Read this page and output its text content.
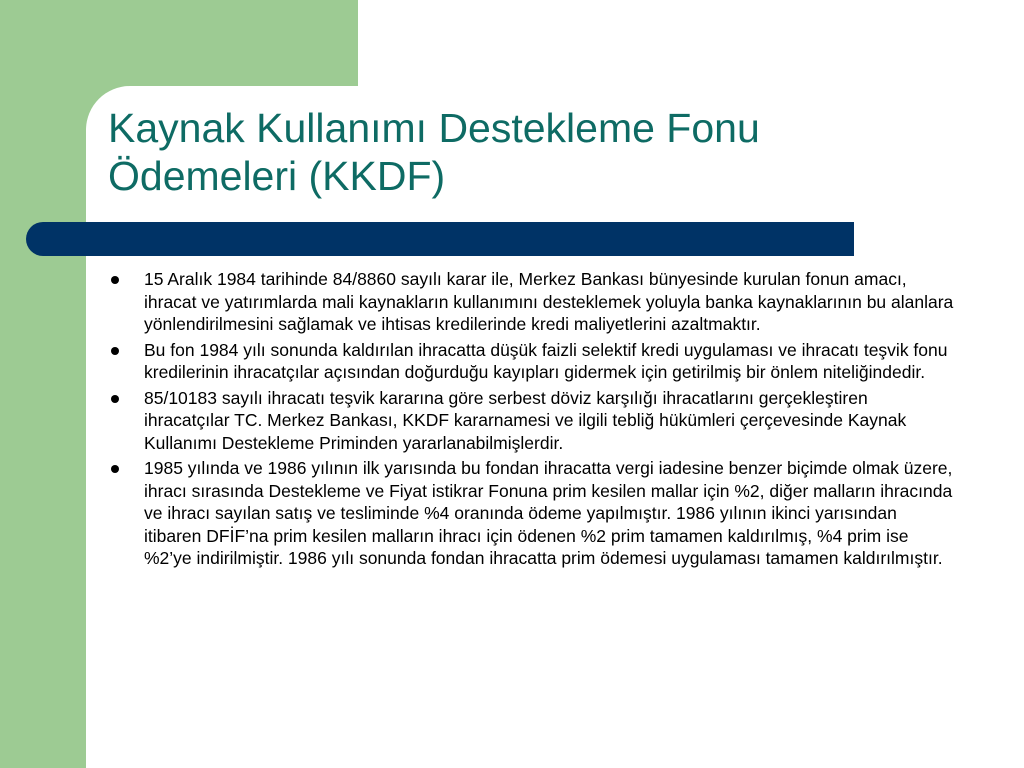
Kaynak Kullanımı Destekleme Fonu
Ödemeleri (KKDF)
15 Aralık 1984 tarihinde 84/8860 sayılı karar ile, Merkez Bankası bünyesinde kurulan fonun amacı, ihracat ve yatırımlarda mali kaynakların kullanımını desteklemek yoluyla banka kaynaklarının bu alanlara yönlendirilmesini sağlamak ve ihtisas kredilerinde kredi maliyetlerini azaltmaktır.
Bu fon 1984 yılı sonunda kaldırılan ihracatta düşük faizli selektif kredi uygulaması ve ihracatı teşvik fonu kredilerinin ihracatçılar açısından doğurduğu kayıpları gidermek için getirilmiş bir önlem niteliğindedir.
85/10183 sayılı ihracatı teşvik kararına göre serbest döviz karşılığı ihracatlarını gerçekleştiren ihracatçılar TC. Merkez Bankası, KKDF kararnamesi ve ilgili tebliğ hükümleri çerçevesinde Kaynak Kullanımı Destekleme Priminden yararlanabilmişlerdir.
1985 yılında ve 1986 yılının ilk yarısında bu fondan ihracatta vergi iadesine benzer biçimde olmak üzere, ihracı sırasında Destekleme ve Fiyat istikrar Fonuna prim kesilen mallar için %2, diğer malların ihracında ve ihracı sayılan satış ve tesliminde %4 oranında ödeme yapılmıştır. 1986 yılının ikinci yarısından itibaren DFİF’na prim kesilen malların ihracı için ödenen %2 prim tamamen kaldırılmış, %4 prim ise %2’ye indirilmiştir. 1986 yılı sonunda fondan ihracatta prim ödemesi uygulaması tamamen kaldırılmıştır.
